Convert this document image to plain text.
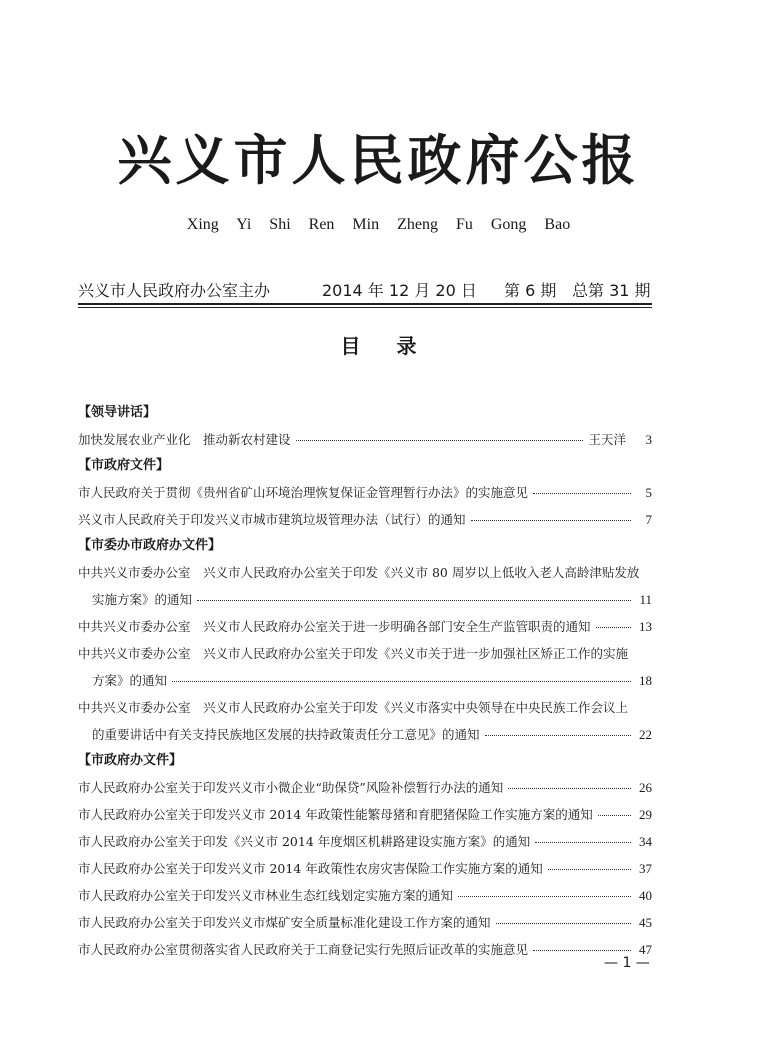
兴义市人民政府公报
Xing Yi Shi Ren Min Zheng Fu Gong Bao
兴义市人民政府办公室主办	2014 年 12 月 20 日 第 6 期 总第 31 期
目录
【领导讲话】
加快发展农业产业化　推动新农村建设	王天洋	3
【市政府文件】
市人民政府关于贯彻《贵州省矿山环境治理恢复保证金管理暂行办法》的实施意见	5
兴义市人民政府关于印发兴义市城市建筑垃圾管理办法（试行）的通知	7
【市委办市政府办文件】
中共兴义市委办公室　兴义市人民政府办公室关于印发《兴义市 80 周岁以上低收入老人高龄津贴发放
实施方案》的通知	11
中共兴义市委办公室　兴义市人民政府办公室关于进一步明确各部门安全生产监管职责的通知	13
中共兴义市委办公室　兴义市人民政府办公室关于印发《兴义市关于进一步加强社区矫正工作的实施
方案》的通知	18
中共兴义市委办公室　兴义市人民政府办公室关于印发《兴义市落实中央领导在中央民族工作会议上
的重要讲话中有关支持民族地区发展的扶持政策责任分工意见》的通知	22
【市政府办文件】
市人民政府办公室关于印发兴义市小微企业“助保贷”风险补偿暂行办法的通知	26
市人民政府办公室关于印发兴义市 2014 年政策性能繁母猪和育肥猪保险工作实施方案的通知	29
市人民政府办公室关于印发《兴义市 2014 年度烟区机耕路建设实施方案》的通知	34
市人民政府办公室关于印发兴义市 2014 年政策性农房灾害保险工作实施方案的通知	37
市人民政府办公室关于印发兴义市林业生态红线划定实施方案的通知	40
市人民政府办公室关于印发兴义市煤矿安全质量标准化建设工作方案的通知	45
市人民政府办公室贯彻落实省人民政府关于工商登记实行先照后证改革的实施意见	47
— 1 —
